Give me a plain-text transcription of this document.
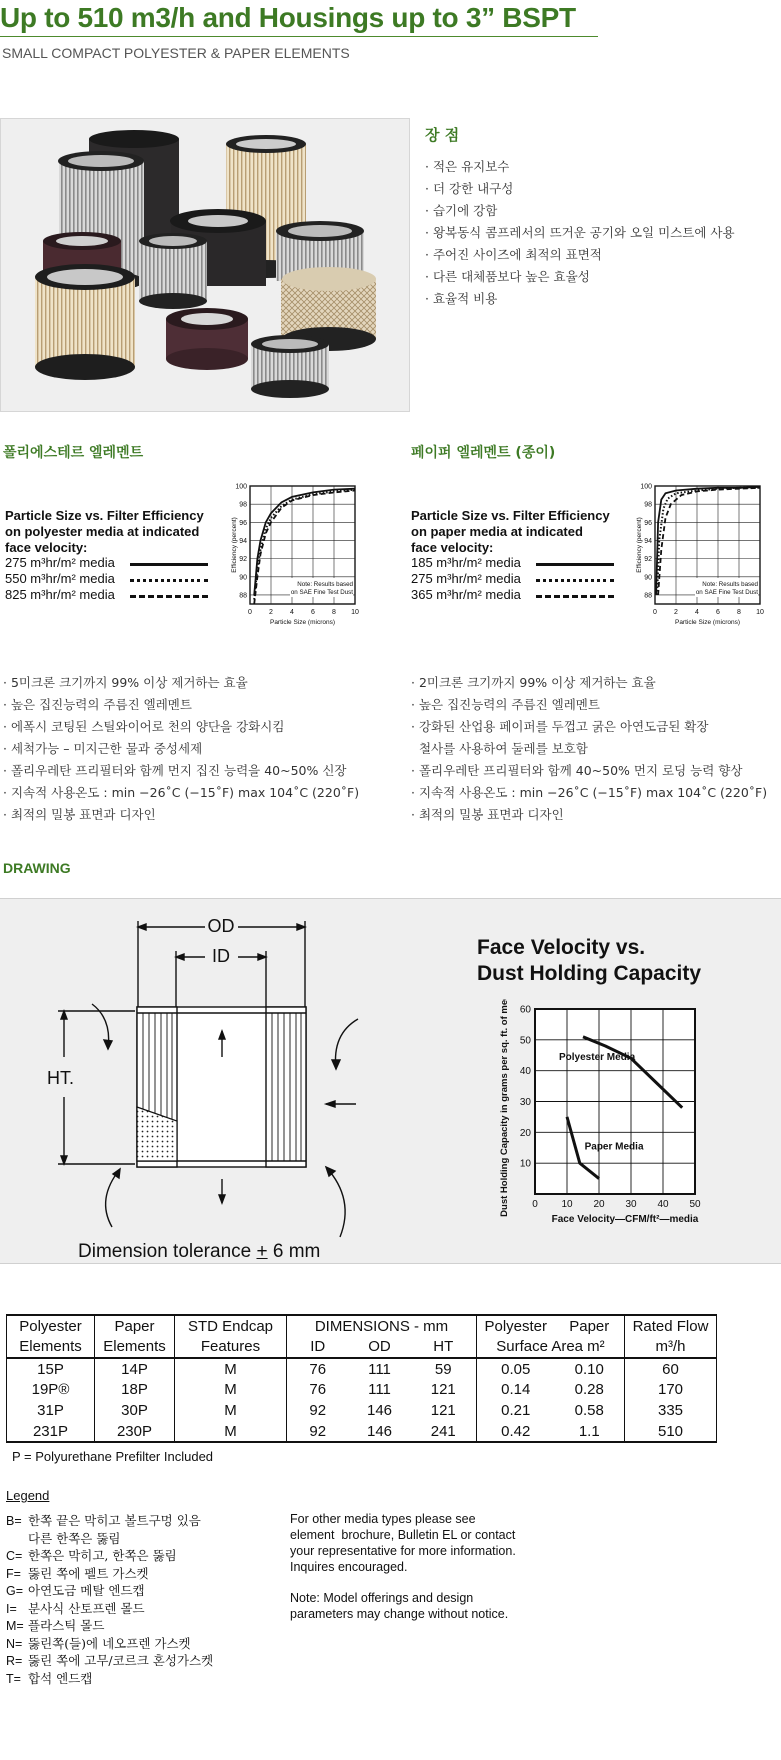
Up to 510 m3/h and Housings up to 3” BSPT
SMALL COMPACT POLYESTER & PAPER ELEMENTS
장 점
· 적은 유지보수
· 더 강한 내구성
· 습기에 강함
· 왕복동식 콤프레서의 뜨거운 공기와 오일 미스트에 사용
· 주어진 사이즈에 최적의 표면적
· 다른 대체품보다 높은 효율성
· 효율적 비용
폴리에스테르 엘레멘트	페이퍼 엘레멘트 (종이)
Particle Size vs. Filter Efficiency
on polyester media at indicated
face velocity:
275 m³hr/m² media
550 m³hr/m² media
825 m³hr/m² media
0 2 4 6 8 10
88
90
92
94
96
98
100
Particle Size (microns)
Efficiency (percent)
Note: Results based
on SAE Fine Test Dust
Particle Size vs. Filter Efficiency
on paper media at indicated
face velocity:
185 m³hr/m² media
275 m³hr/m² media
365 m³hr/m² media
0 2 4 6 8 10
88
90
92
94
96
98
100
Particle Size (microns)
Efficiency (percent)
Note: Results based
on SAE Fine Test Dust
· 5미크론 크기까지 99% 이상 제거하는 효율
· 높은 집진능력의 주름진 엘레멘트
· 에폭시 코팅된 스틸와이어로 천의 양단을 강화시킴
· 세척가능 – 미지근한 물과 중성세제
· 폴리우레탄 프리필터와 함께 먼지 집진 능력을 40~50% 신장
· 지속적 사용온도 : min −26˚C (−15˚F) max 104˚C (220˚F)
· 최적의 밀봉 표면과 디자인
· 2미크론 크기까지 99% 이상 제거하는 효율
· 높은 집진능력의 주름진 엘레멘트
· 강화된 산업용 페이퍼를 두껍고 굵은 아연도금된 확장
철사를 사용하여 둘레를 보호함
· 폴리우레탄 프리필터와 함께 40~50% 먼지 로딩 능력 향상
· 지속적 사용온도 : min −26˚C (−15˚F) max 104˚C (220˚F)
· 최적의 밀봉 표면과 디자인
DRAWING
OD
ID
HT.
Dimension tolerance + 6 mm
Face Velocity vs.
Dust Holding Capacity
0 10 20 30 40 50
10
20
30
40
50
60
Face Velocity—CFM/ft²—media
Dust Holding Capacity in grams per sq. ft. of media	Polyester Media
Paper Media
Polyester	Paper	STD Endcap	DIMENSIONS - mm			Polyester	Paper	Rated Flow
Elements	Elements	Features	ID	OD	HT	Surface Area m²		m³/h
15P	14P	M	76	111	59	0.05	0.10	60
19P®	18P	M	76	111	121	0.14	0.28	170
31P	30P	M	92	146	121	0.21	0.58	335
231P	230P	M	92	146	241	0.42	1.1	510
P = Polyurethane Prefilter Included
Legend
B= 한쪽 끝은 막히고 볼트구멍 있음
다른 한쪽은 뚫림
C= 한쪽은 막히고, 한쪽은 뚫림
F= 뚫린 쪽에 펠트 가스켓
G= 아연도금 메탈 엔드캡
I= 분사식 산토프렌 몰드
M= 플라스틱 몰드
N= 뚫린쪽(들)에 네오프렌 가스켓
R= 뚫린 쪽에 고무/코르크 혼성가스켓
T= 합석 엔드캡
For other media types please see
element  brochure, Bulletin EL or contact
your representative for more information.
Inquires encouraged.
Note: Model offerings and design
parameters may change without notice.
